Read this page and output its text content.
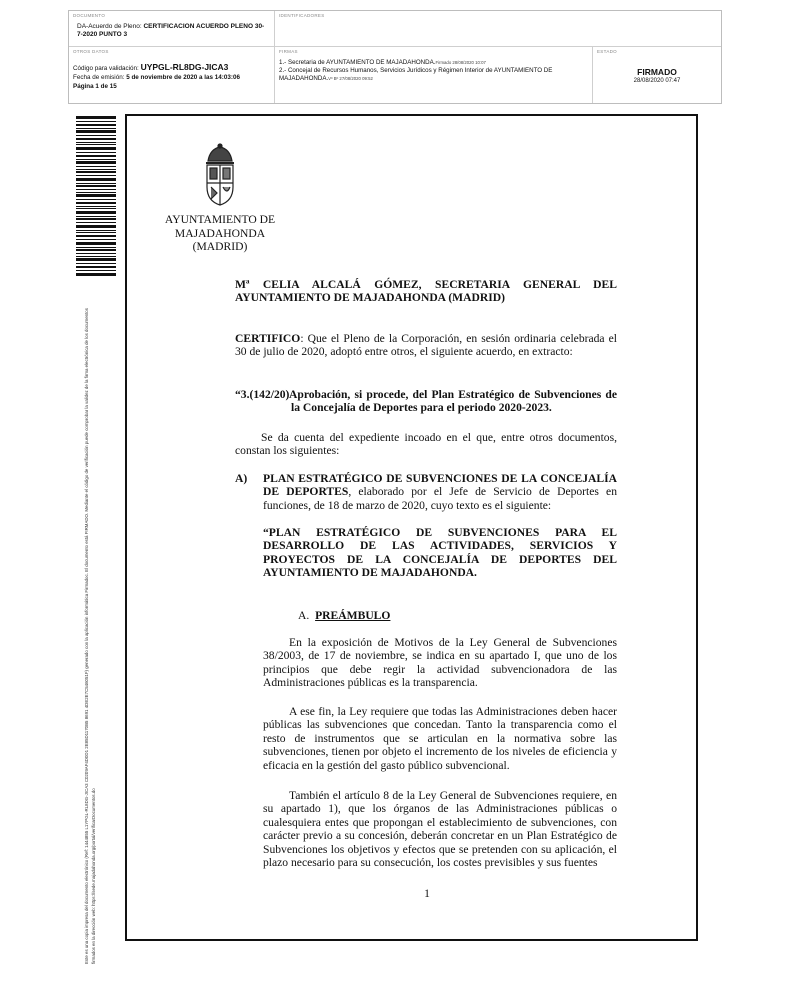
DOCUMENTO
DA-Acuerdo de Pleno: CERTIFICACION ACUERDO PLENO 30-7-2020 PUNTO 3
IDENTIFICADORES
OTROS DATOS
Código para validación: UYPGL-RL8DG-JICA3
Fecha de emisión: 5 de noviembre de 2020 a las 14:03:06
Página 1 de 15
FIRMAS
1.- Secretaria de AYUNTAMIENTO DE MAJADAHONDA.Firmado 28/08/2020 10:07
2.- Concejal de Recursos Humanos, Servicios Jurídicos y Régimen Interior de AYUNTAMIENTO DE MAJADAHONDA.Vº Bº 27/08/2020 09:52
ESTADO
FIRMADO
28/08/2020 07:47
Este es una copia impresa del documento electrónico (Ref: 1444855 L1YPGL-RL8DG-JICA3 C0209AF4D0D1 2E85D1170B5 8691 4DE2E7C546051F) generado con la aplicación informática Firmadoc. El documento está FIRMADO. Mediante el código de verificación puede comprobar la validez de la firma electrónica de los documentos firmados en la dirección web: https://sede.majadahonda.org/portal/verificarDocumentos.do
AYUNTAMIENTO DE
MAJADAHONDA
(MADRID)
Mª CELIA ALCALÁ GÓMEZ, SECRETARIA GENERAL DEL AYUNTAMIENTO DE MAJADAHONDA (MADRID)
CERTIFICO: Que el Pleno de la Corporación, en sesión ordinaria celebrada el 30 de julio de 2020, adoptó entre otros, el siguiente acuerdo, en extracto:
“3.(142/20) Aprobación, si procede, del Plan Estratégico de Subvenciones de la Concejalía de Deportes para el periodo 2020-2023.
Se da cuenta del expediente incoado en el que, entre otros documentos, constan los siguientes:
A) PLAN ESTRATÉGICO DE SUBVENCIONES DE LA CONCEJALÍA DE DEPORTES, elaborado por el Jefe de Servicio de Deportes en funciones, de 18 de marzo de 2020, cuyo texto es el siguiente:
“PLAN ESTRATÉGICO DE SUBVENCIONES PARA EL DESARROLLO DE LAS ACTIVIDADES, SERVICIOS Y PROYECTOS DE LA CONCEJALÍA DE DEPORTES DEL AYUNTAMIENTO DE MAJADAHONDA.
A. PREÁMBULO
En la exposición de Motivos de la Ley General de Subvenciones 38/2003, de 17 de noviembre, se indica en su apartado I, que uno de los principios que debe regir la actividad subvencionadora de las Administraciones públicas es la transparencia.
A ese fin, la Ley requiere que todas las Administraciones deben hacer públicas las subvenciones que concedan. Tanto la transparencia como el resto de instrumentos que se articulan en la normativa sobre las subvenciones, tienen por objeto el incremento de los niveles de eficiencia y eficacia en la gestión del gasto público subvencional.
También el artículo 8 de la Ley General de Subvenciones requiere, en su apartado 1), que los órganos de las Administraciones públicas o cualesquiera entes que propongan el establecimiento de subvenciones, con carácter previo a su concesión, deberán concretar en un Plan Estratégico de Subvenciones los objetivos y efectos que se pretenden con su aplicación, el plazo necesario para su consecución, los costes previsibles y sus fuentes
1
